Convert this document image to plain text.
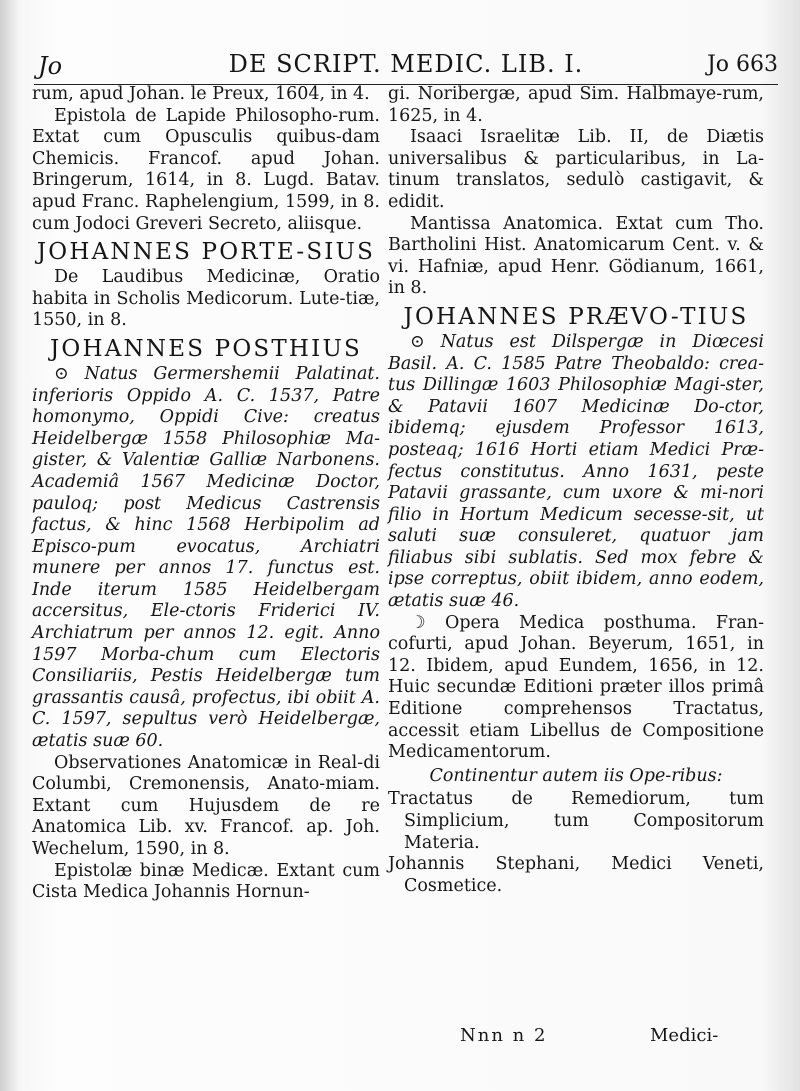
Jo	DE SCRIPT. MEDIC. LIB. I.	Jo 663

rum, apud Johan. le Preux, 1604, in 4.

Epistola de Lapide Philosopho-rum. Extat cum Opusculis quibus-dam Chemicis. Francof. apud Johan. Bringerum, 1614, in 8. Lugd. Batav. apud Franc. Raphelengium, 1599, in 8. cum Jodoci Greveri Secreto, aliisque.

JOHANNES PORTE-SIUS

De Laudibus Medicinæ, Oratio habita in Scholis Medicorum. Lute-tiæ, 1550, in 8.

JOHANNES POSTHIUS

⊙ Natus Germershemii Palatinat. inferioris Oppido A. C. 1537, Patre homonymo, Oppidi Cive: creatus Heidelbergæ 1558 Philosophiæ Ma-gister, & Valentiæ Galliæ Narbonens. Academiâ 1567 Medicinæ Doctor, pauloq; post Medicus Castrensis factus, & hinc 1568 Herbipolim ad Episco-pum evocatus, Archiatri munere per annos 17. functus est. Inde iterum 1585 Heidelbergam accersitus, Ele-ctoris Friderici IV. Archiatrum per annos 12. egit. Anno 1597 Morba-chum cum Electoris Consiliariis, Pestis Heidelbergæ tum grassantis causâ, profectus, ibi obiit A. C. 1597, sepultus verò Heidelbergæ, ætatis suæ 60.

Observationes Anatomicæ in Real-di Columbi, Cremonensis, Anato-miam. Extant cum Hujusdem de re Anatomica Lib. xv. Francof. ap. Joh. Wechelum, 1590, in 8.

Epistolæ binæ Medicæ. Extant cum Cista Medica Johannis Hornun-

gi. Noribergæ, apud Sim. Halbmaye-rum, 1625, in 4.

Isaaci Israelitæ Lib. II, de Diætis universalibus & particularibus, in La-tinum translatos, sedulò castigavit, & edidit.

Mantissa Anatomica. Extat cum Tho. Bartholini Hist. Anatomicarum Cent. v. & vi. Hafniæ, apud Henr. Gödianum, 1661, in 8.

JOHANNES PRÆVO-TIUS

⊙ Natus est Dilspergæ in Diœcesi Basil. A. C. 1585 Patre Theobaldo: crea-tus Dillingæ 1603 Philosophiæ Magi-ster, & Patavii 1607 Medicinæ Do-ctor, ibidemq; ejusdem Professor 1613, posteaq; 1616 Horti etiam Medici Præ-fectus constitutus. Anno 1631, peste Patavii grassante, cum uxore & mi-nori filio in Hortum Medicum secesse-sit, ut saluti suæ consuleret, quatuor jam filiabus sibi sublatis. Sed mox febre & ipse correptus, obiit ibidem, anno eodem, ætatis suæ 46.

☽ Opera Medica posthuma. Fran-cofurti, apud Johan. Beyerum, 1651, in 12. Ibidem, apud Eundem, 1656, in 12. Huic secundæ Editioni præter illos primâ Editione comprehensos Tractatus, accessit etiam Libellus de Compositione Medicamentorum.

Continentur autem iis Ope-ribus:

Tractatus de Remediorum, tum Simplicium, tum Compositorum Materia.

Johannis Stephani, Medici Veneti, Cosmetice.

Nnn n 2	Medici-
